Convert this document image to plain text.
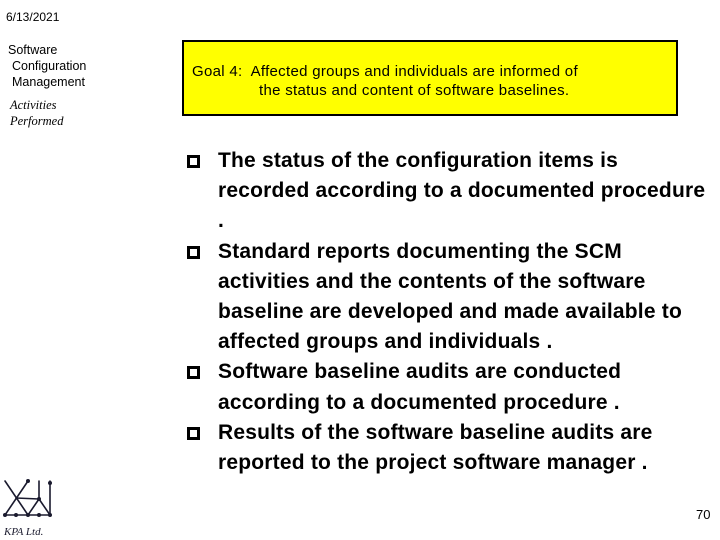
6/13/2021
Software
Configuration
Management
Activities
Performed
Goal 4:  Affected groups and individuals are informed of
the status and content of software baselines.
The status of the configuration items is recorded according to a documented procedure .
Standard reports documenting the SCM activities and the contents of the software baseline are developed and made available to affected groups and individuals .
Software baseline audits are conducted according to a documented procedure .
Results of the software baseline audits are reported to the project software manager .
KPA Ltd.
70
